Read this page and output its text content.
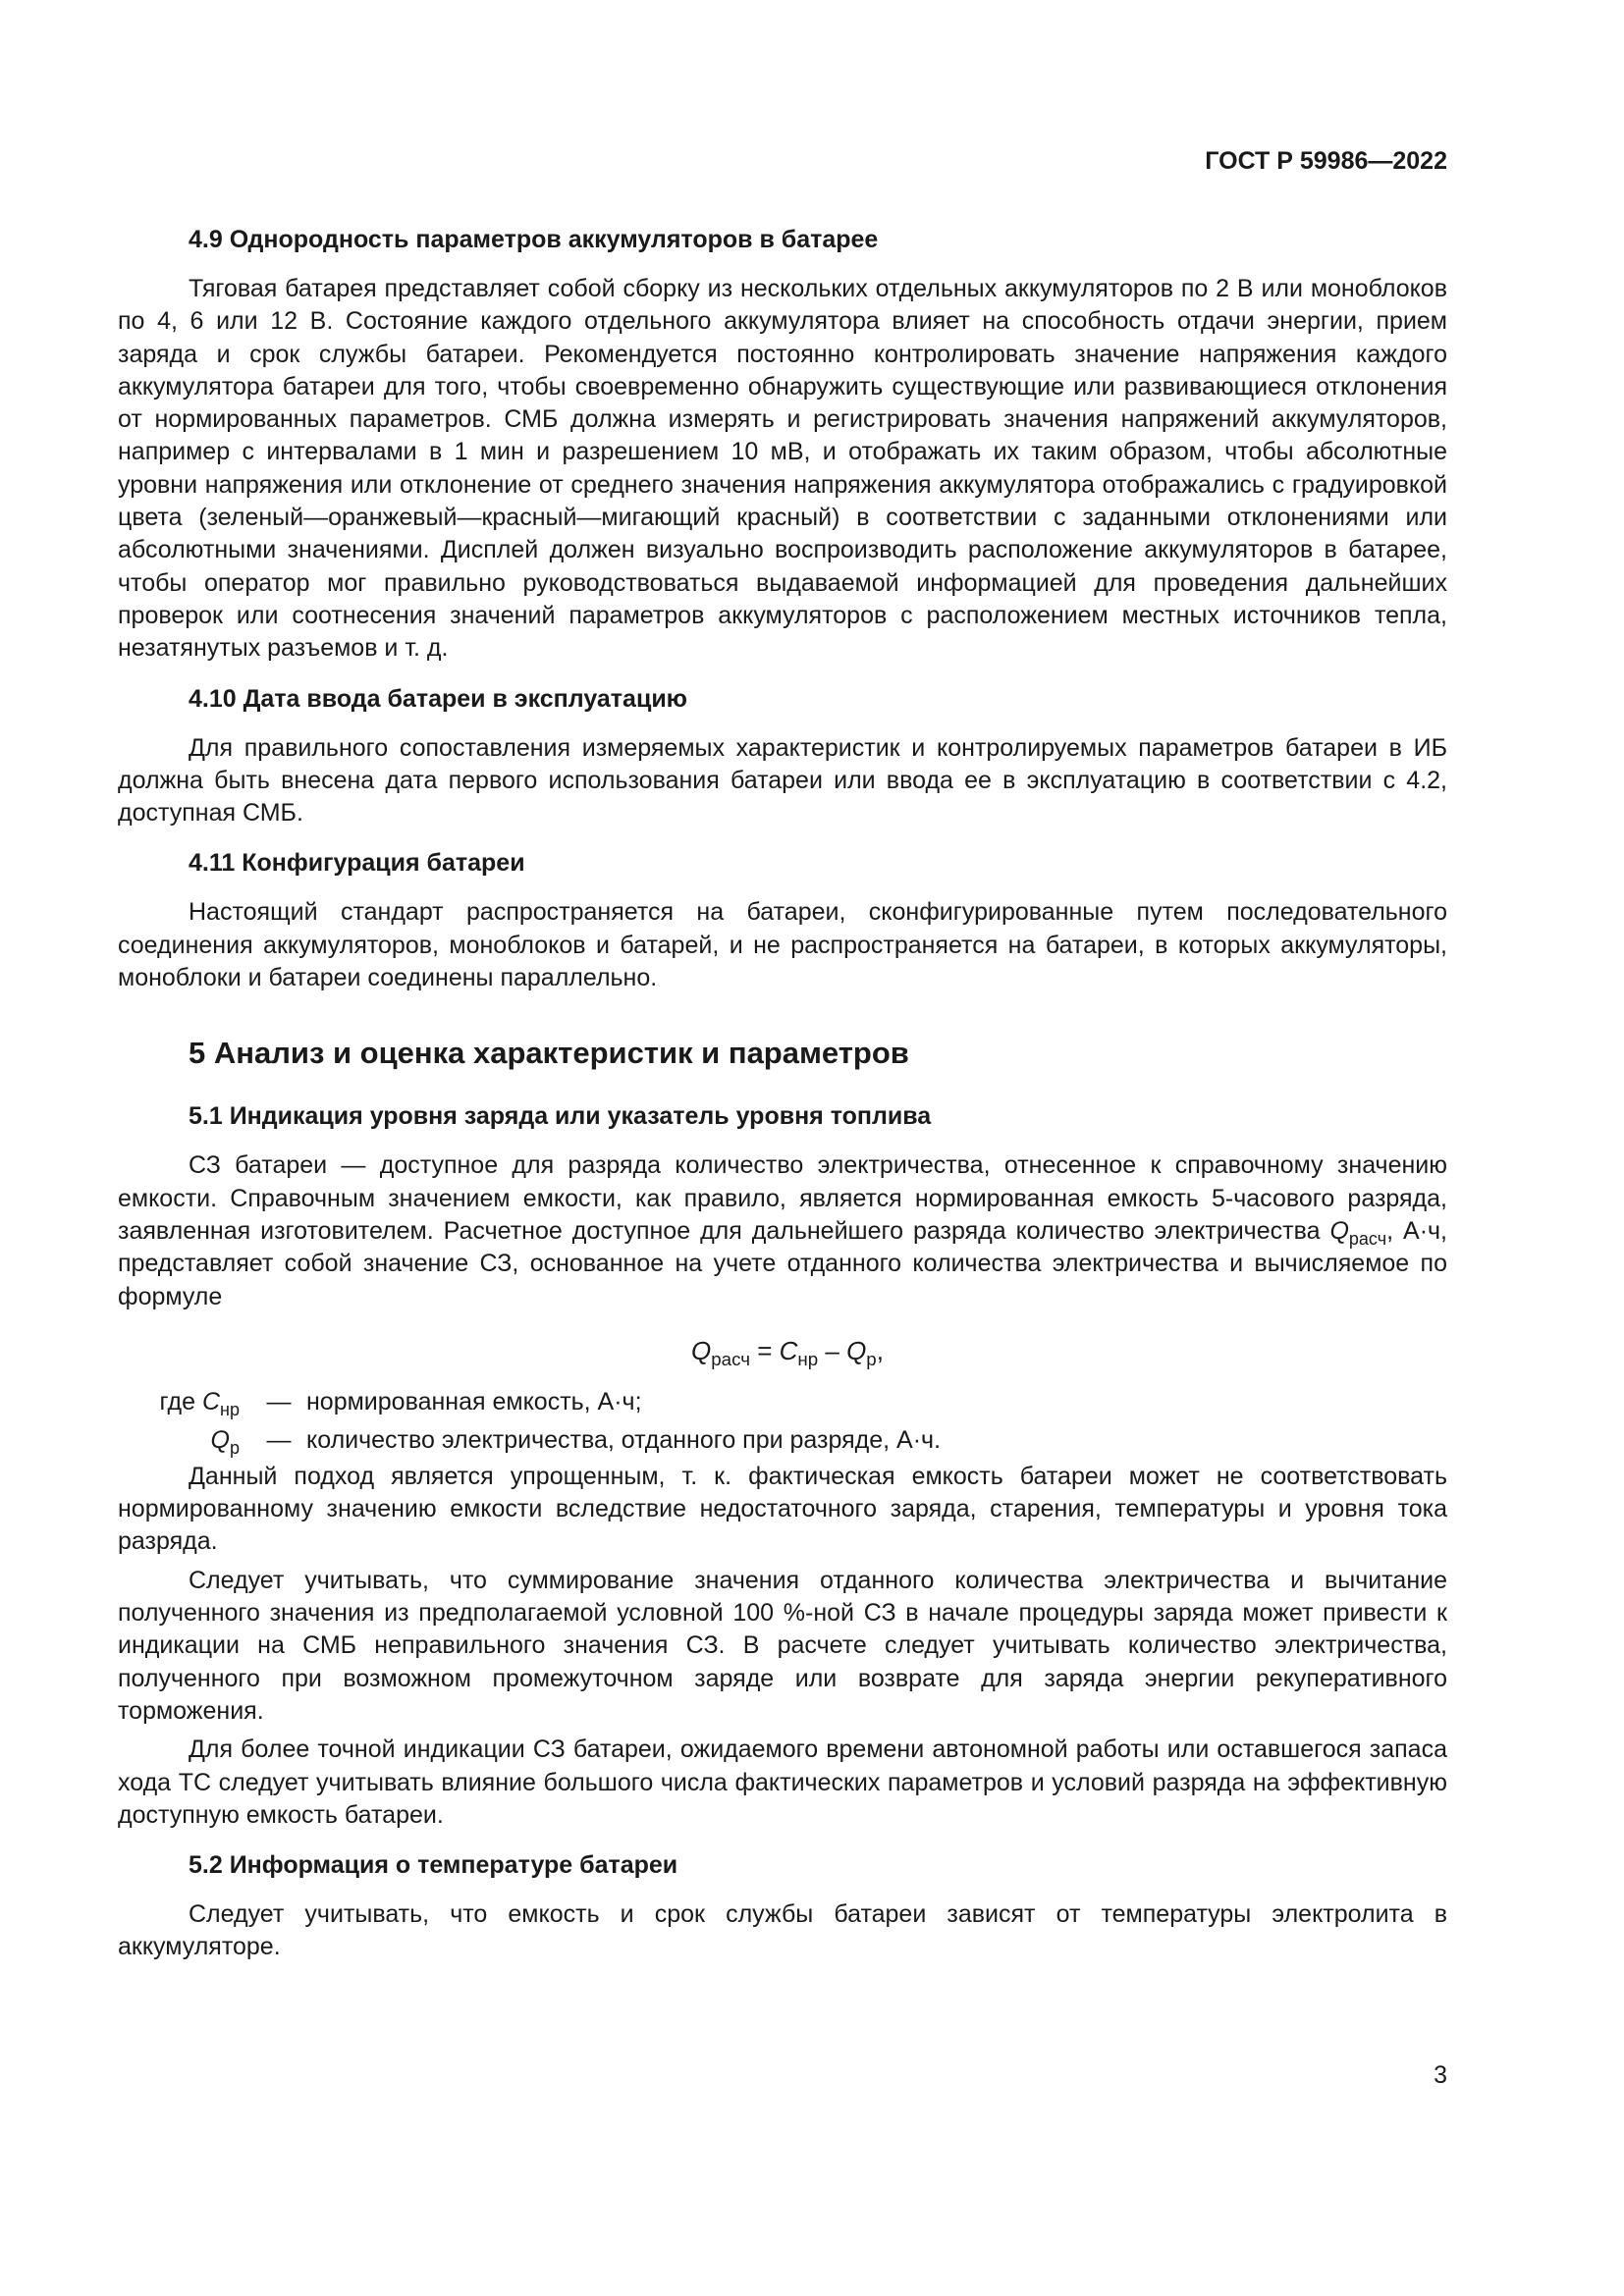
ГОСТ Р 59986—2022
4.9 Однородность параметров аккумуляторов в батарее

Тяговая батарея представляет собой сборку из нескольких отдельных аккумуляторов по 2 В или моноблоков по 4, 6 или 12 В. Состояние каждого отдельного аккумулятора влияет на способность отдачи энергии, прием заряда и срок службы батареи. Рекомендуется постоянно контролировать значение напряжения каждого аккумулятора батареи для того, чтобы своевременно обнаружить существующие или развивающиеся отклонения от нормированных параметров. СМБ должна измерять и регистрировать значения напряжений аккумуляторов, например с интервалами в 1 мин и разрешением 10 мВ, и отображать их таким образом, чтобы абсолютные уровни напряжения или отклонение от среднего значения напряжения аккумулятора отображались с градуировкой цвета (зеленый—оранжевый—красный—мигающий красный) в соответствии с заданными отклонениями или абсолютными значениями. Дисплей должен визуально воспроизводить расположение аккумуляторов в батарее, чтобы оператор мог правильно руководствоваться выдаваемой информацией для проведения дальнейших проверок или соотнесения значений параметров аккумуляторов с расположением местных источников тепла, незатянутых разъемов и т. д.

4.10 Дата ввода батареи в эксплуатацию

Для правильного сопоставления измеряемых характеристик и контролируемых параметров батареи в ИБ должна быть внесена дата первого использования батареи или ввода ее в эксплуатацию в соответствии с 4.2, доступная СМБ.

4.11 Конфигурация батареи

Настоящий стандарт распространяется на батареи, сконфигурированные путем последовательного соединения аккумуляторов, моноблоков и батарей, и не распространяется на батареи, в которых аккумуляторы, моноблоки и батареи соединены параллельно.

5 Анализ и оценка характеристик и параметров
5.1 Индикация уровня заряда или указатель уровня топлива

СЗ батареи — доступное для разряда количество электричества, отнесенное к справочному значению емкости. Справочным значением емкости, как правило, является нормированная емкость 5-часового разряда, заявленная изготовителем. Расчетное доступное для дальнейшего разряда количество электричества $Q_{расч}$, А·ч, представляет собой значение СЗ, основанное на учете отданного количества электричества и вычисляемое по формуле

$Q_{расч} = C_{нр} - Q_р$,
где $C_{нр}$	— нормированная емкость, А·ч;
$Q_р$	— количество электричества, отданного при разряде, А·ч.

Данный подход является упрощенным, т. к. фактическая емкость батареи может не соответствовать нормированному значению емкости вследствие недостаточного заряда, старения, температуры и уровня тока разряда.

Следует учитывать, что суммирование значения отданного количества электричества и вычитание полученного значения из предполагаемой условной 100 %-ной СЗ в начале процедуры заряда может привести к индикации на СМБ неправильного значения СЗ. В расчете следует учитывать количество электричества, полученного при возможном промежуточном заряде или возврате для заряда энергии рекуперативного торможения.

Для более точной индикации СЗ батареи, ожидаемого времени автономной работы или оставшегося запаса хода ТС следует учитывать влияние большого числа фактических параметров и условий разряда на эффективную доступную емкость батареи.

5.2 Информация о температуре батареи

Следует учитывать, что емкость и срок службы батареи зависят от температуры электролита в аккумуляторе.

3
